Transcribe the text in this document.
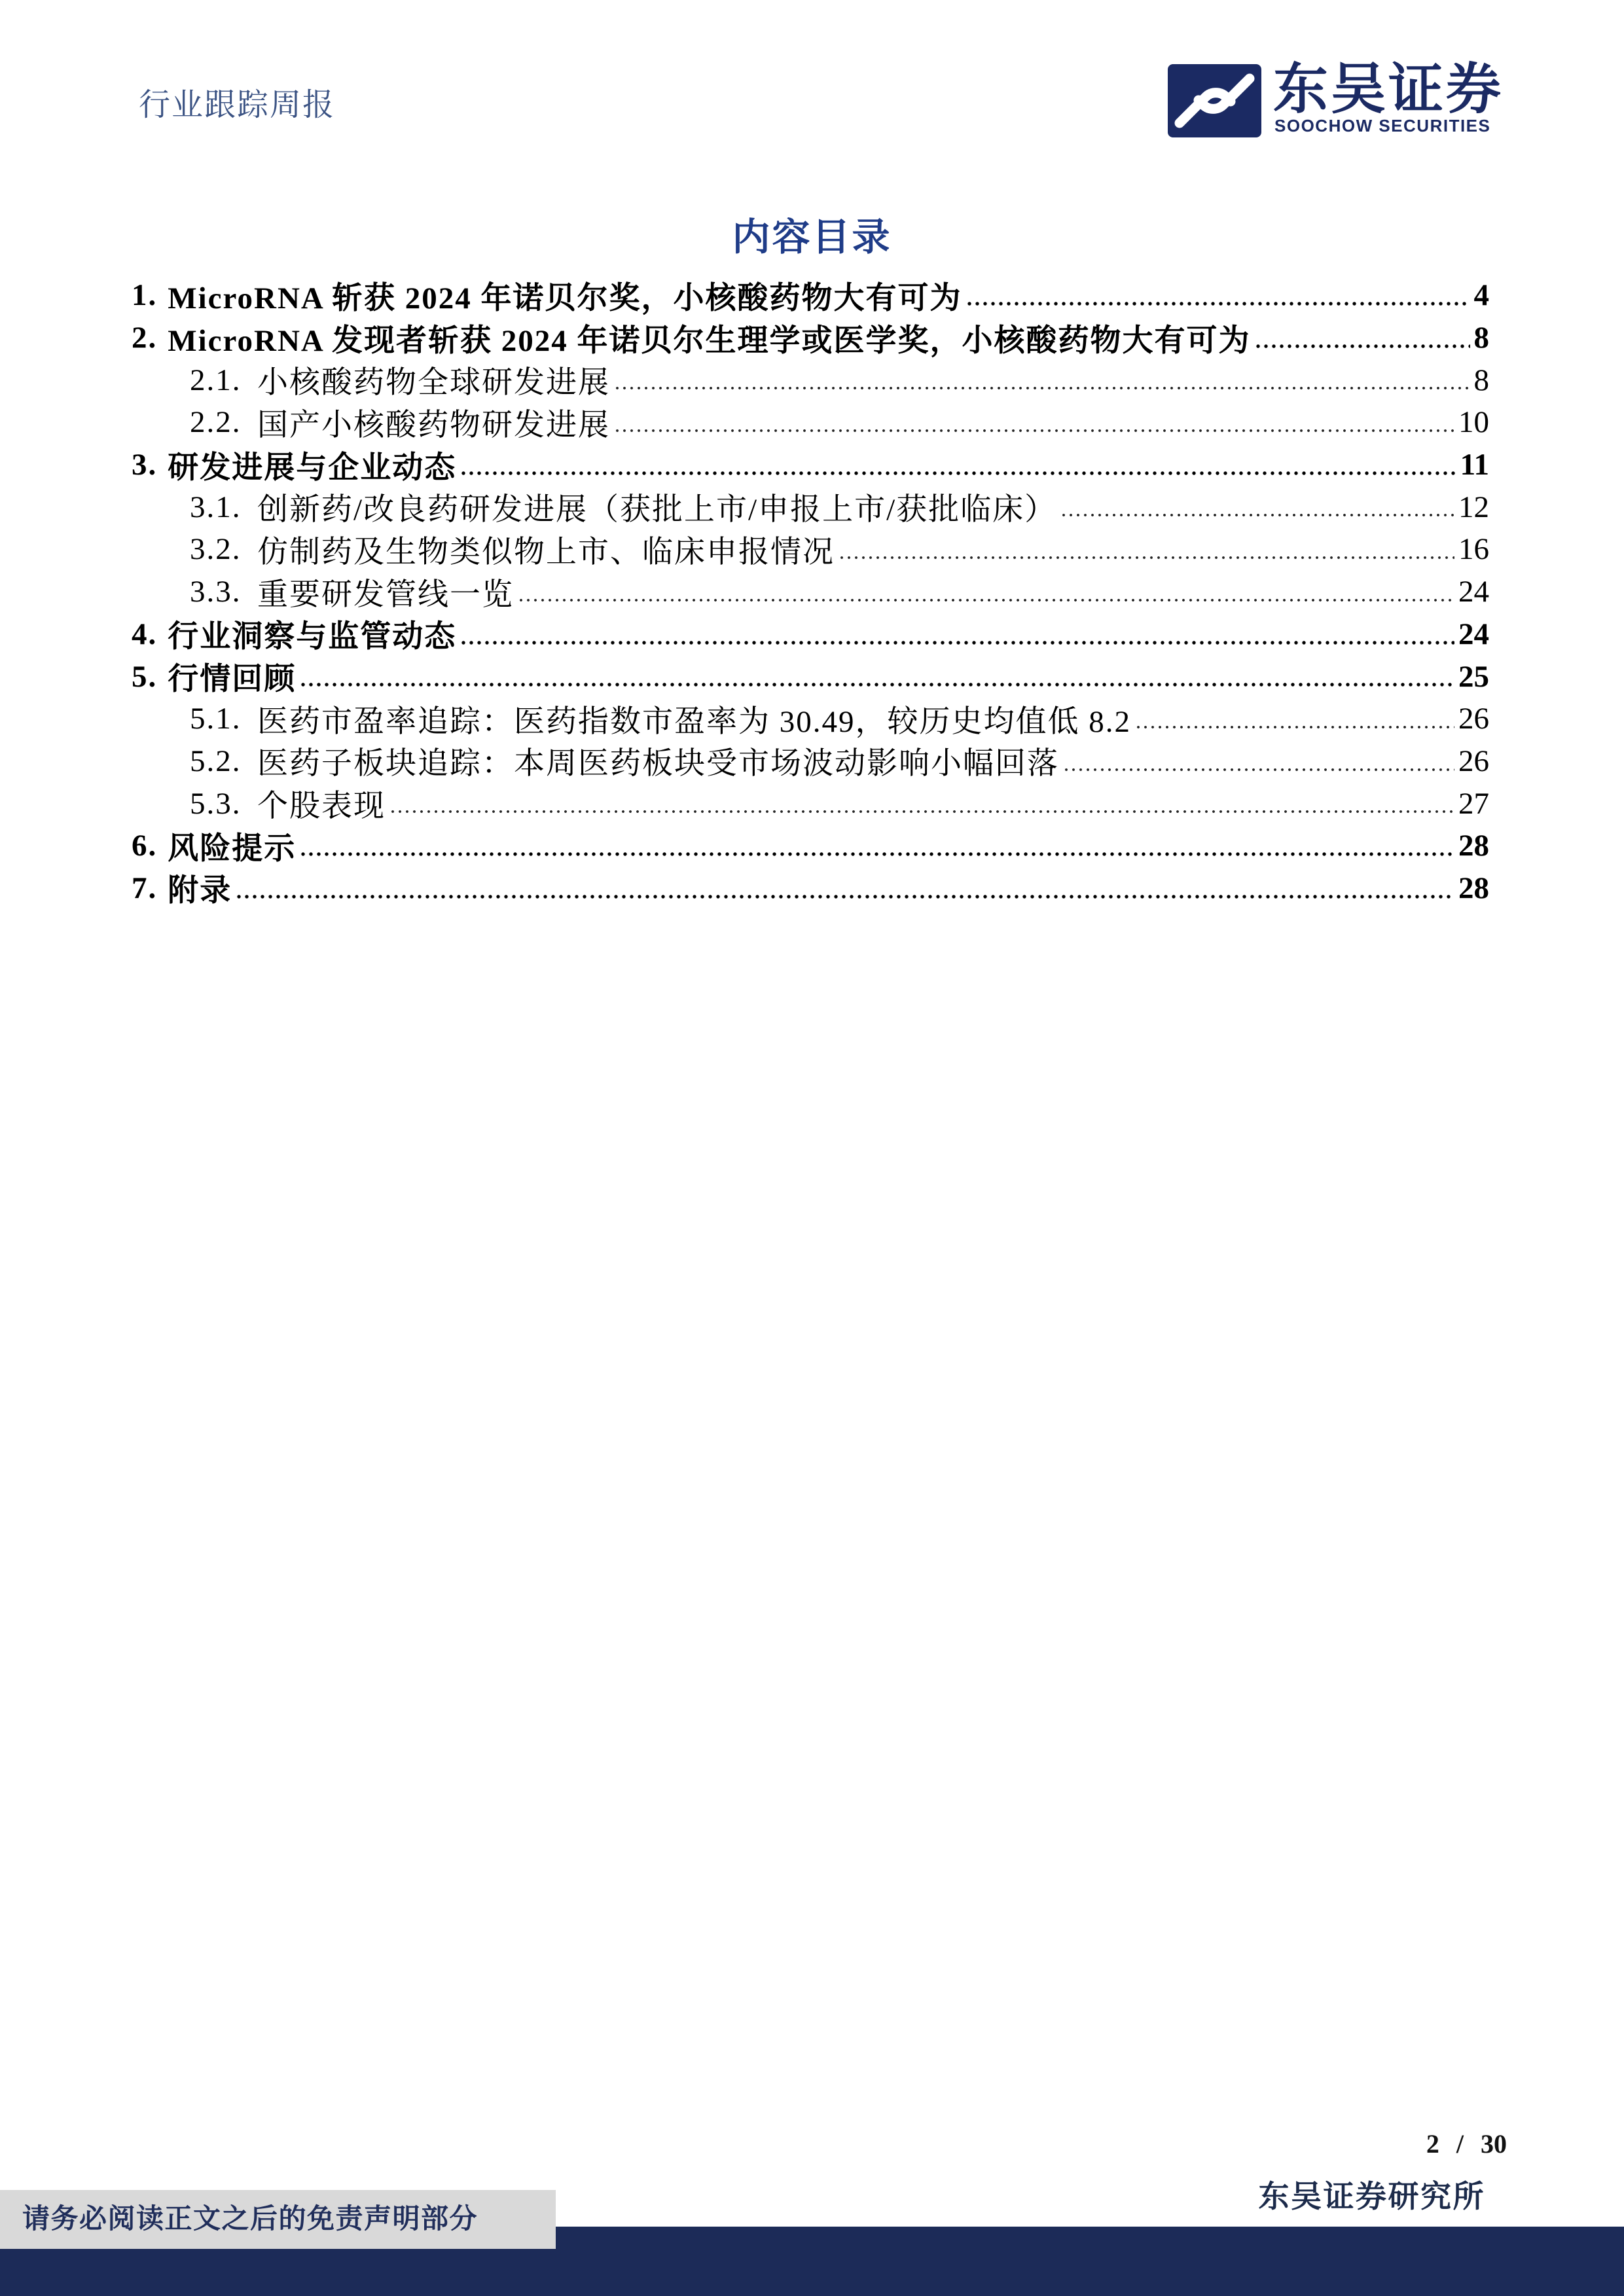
行业跟踪周报	东吴证券
SOOCHOW SECURITIES
内容目录
1. MicroRNA 斩获 2024 年诺贝尔奖，小核酸药物大有可为	4
2. MicroRNA 发现者斩获 2024 年诺贝尔生理学或医学奖，小核酸药物大有可为	8
2.1. 小核酸药物全球研发进展	8
2.2. 国产小核酸药物研发进展	10
3. 研发进展与企业动态	11
3.1. 创新药/改良药研发进展（获批上市/申报上市/获批临床）	12
3.2. 仿制药及生物类似物上市、临床申报情况	16
3.3. 重要研发管线一览	24
4. 行业洞察与监管动态	24
5. 行情回顾	25
5.1. 医药市盈率追踪：医药指数市盈率为 30.49，较历史均值低 8.2	26
5.2. 医药子板块追踪：本周医药板块受市场波动影响小幅回落	26
5.3. 个股表现	27
6. 风险提示	28
7. 附录	28
2 / 30
东吴证券研究所
请务必阅读正文之后的免责声明部分
